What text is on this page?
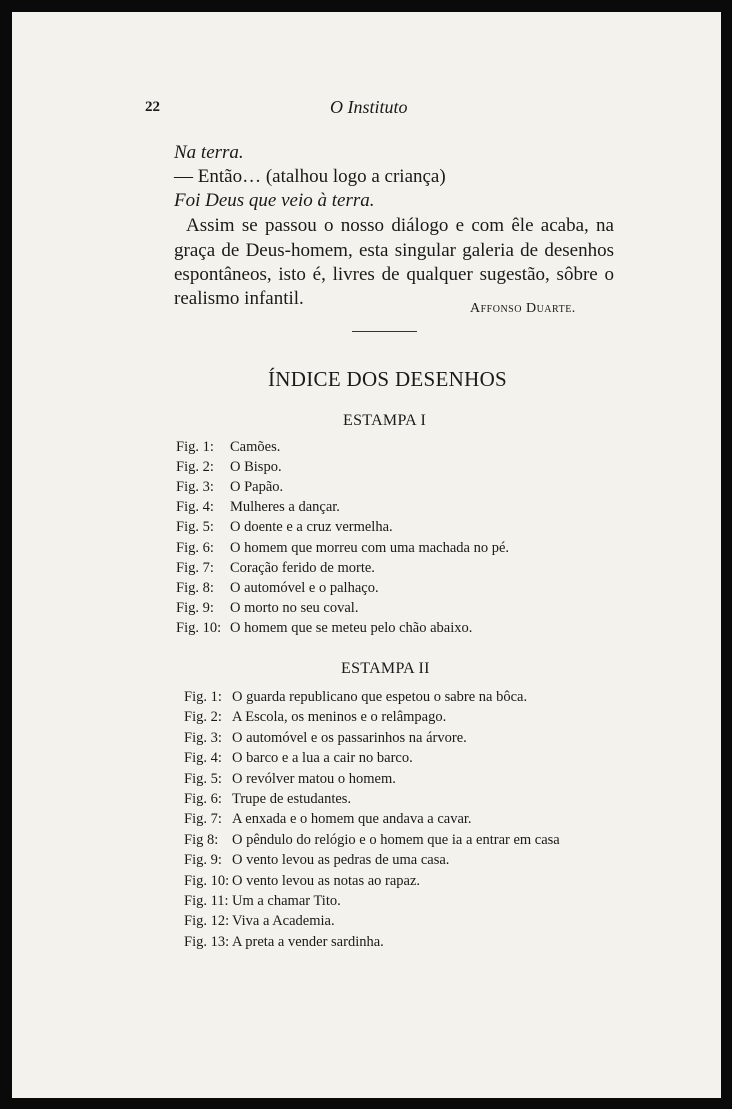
22	O Instituto
Na terra.
— Então… (atalhou logo a criança)
Foi Deus que veio à terra.
Assim se passou o nosso diálogo e com êle acaba, na
graça de Deus-homem, esta singular galeria de desenhos
espontâneos, isto é, livres de qualquer sugestão, sôbre o
realismo infantil.	Affonso Duarte.
ÍNDICE DOS DESENHOS
ESTAMPA I
Fig. 1: Camões.
Fig. 2: O Bispo.
Fig. 3: O Papão.
Fig. 4: Mulheres a dançar.
Fig. 5: O doente e a cruz vermelha.
Fig. 6: O homem que morreu com uma machada no pé.
Fig. 7: Coração ferido de morte.
Fig. 8: O automóvel e o palhaço.
Fig. 9: O morto no seu coval.
Fig. 10: O homem que se meteu pelo chão abaixo.
ESTAMPA II
Fig. 1: O guarda republicano que espetou o sabre na bôca.
Fig. 2: A Escola, os meninos e o relâmpago.
Fig. 3: O automóvel e os passarinhos na árvore.
Fig. 4: O barco e a lua a cair no barco.
Fig. 5: O revólver matou o homem.
Fig. 6: Trupe de estudantes.
Fig. 7: A enxada e o homem que andava a cavar.
Fig 8: O pêndulo do relógio e o homem que ia a entrar em casa
Fig. 9: O vento levou as pedras de uma casa.
Fig. 10: O vento levou as notas ao rapaz.
Fig. 11: Um a chamar Tito.
Fig. 12: Viva a Academia.
Fig. 13: A preta a vender sardinha.
